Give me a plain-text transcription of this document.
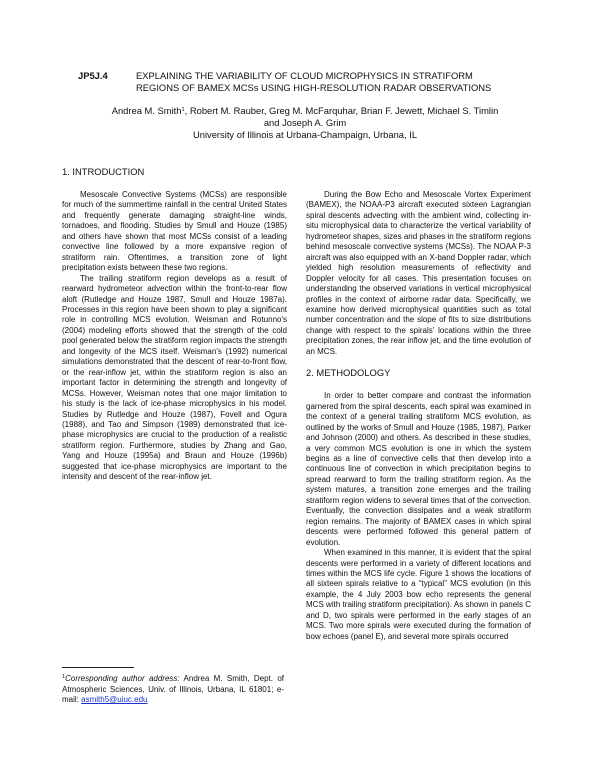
JP5J.4	EXPLAINING THE VARIABILITY OF CLOUD MICROPHYSICS IN STRATIFORM
REGIONS OF BAMEX MCSs USING HIGH-RESOLUTION RADAR OBSERVATIONS
Andrea M. Smith$^1$, Robert M. Rauber, Greg M. McFarquhar, Brian F. Jewett, Michael S. Timlin
and Joseph A. Grim
University of Illinois at Urbana-Champaign, Urbana, IL
1. INTRODUCTION

Mesoscale Convective Systems (MCSs) are responsible for much of the summertime rainfall in the central United States and frequently generate damaging straight-line winds, tornadoes, and flooding. Studies by Smull and Houze (1985) and others have shown that most MCSs consist of a leading convective line followed by a more expansive region of stratiform rain. Oftentimes, a transition zone of light precipitation exists between these two regions.

The trailing stratiform region develops as a result of rearward hydrometeor advection within the front-to-rear flow aloft (Rutledge and Houze 1987, Smull and Houze 1987a). Processes in this region have been shown to play a significant role in controlling MCS evolution. Weisman and Rotunno's (2004) modeling efforts showed that the strength of the cold pool generated below the stratiform region impacts the strength and longevity of the MCS itself. Weisman's (1992) numerical simulations demonstrated that the descent of rear-to-front flow, or the rear-inflow jet, within the stratiform region is also an important factor in determining the strength and longevity of MCSs. However, Weisman notes that one major limitation to his study is the lack of ice-phase microphysics in his model. Studies by Rutledge and Houze (1987), Fovell and Ogura (1988), and Tao and Simpson (1989) demonstrated that ice-phase microphysics are crucial to the production of a realistic stratiform region. Furthermore, studies by Zhang and Gao, Yang and Houze (1995a) and Braun and Houze (1996b) suggested that ice-phase microphysics are important to the intensity and descent of the rear-inflow jet.

During the Bow Echo and Mesoscale Vortex Experiment (BAMEX), the NOAA-P3 aircraft executed sixteen Lagrangian spiral descents advecting with the ambient wind, collecting in-situ microphysical data to characterize the vertical variability of hydrometeor shapes, sizes and phases in the stratiform regions behind mesoscale convective systems (MCSs). The NOAA P-3 aircraft was also equipped with an X-band Doppler radar, which yielded high resolution measurements of reflectivity and Doppler velocity for all cases. This presentation focuses on understanding the observed variations in vertical microphysical profiles in the context of airborne radar data. Specifically, we examine how derived microphysical quantities such as total number concentration and the slope of fits to size distributions change with respect to the spirals' locations within the three precipitation zones, the rear inflow jet, and the time evolution of an MCS.

2. METHODOLOGY

In order to better compare and contrast the information garnered from the spiral descents, each spiral was examined in the context of a general trailing stratiform MCS evolution, as outlined by the works of Smull and Houze (1985, 1987), Parker and Johnson (2000) and others. As described in these studies, a very common MCS evolution is one in which the system begins as a line of convective cells that then develop into a continuous line of convection in which precipitation begins to spread rearward to form the trailing stratiform region. As the system matures, a transition zone emerges and the trailing stratiform region widens to several times that of the convection. Eventually, the convection dissipates and a weak stratiform region remains. The majority of BAMEX cases in which spiral descents were performed followed this general pattern of evolution.

When examined in this manner, it is evident that the spiral descents were performed in a variety of different locations and times within the MCS life cycle. Figure 1 shows the locations of all sixteen spirals relative to a “typical” MCS evolution (in this example, the 4 July 2003 bow echo represents the general MCS with trailing stratiform precipitation). As shown in panels C and D, two spirals were performed in the early stages of an MCS. Two more spirals were executed during the formation of bow echoes (panel E), and several more spirals occurred

$^1$Corresponding author address: Andrea M. Smith, Dept. of Atmospheric Sciences, Univ. of Illinois, Urbana, IL 61801; e-mail: asmith5@uiuc.edu
